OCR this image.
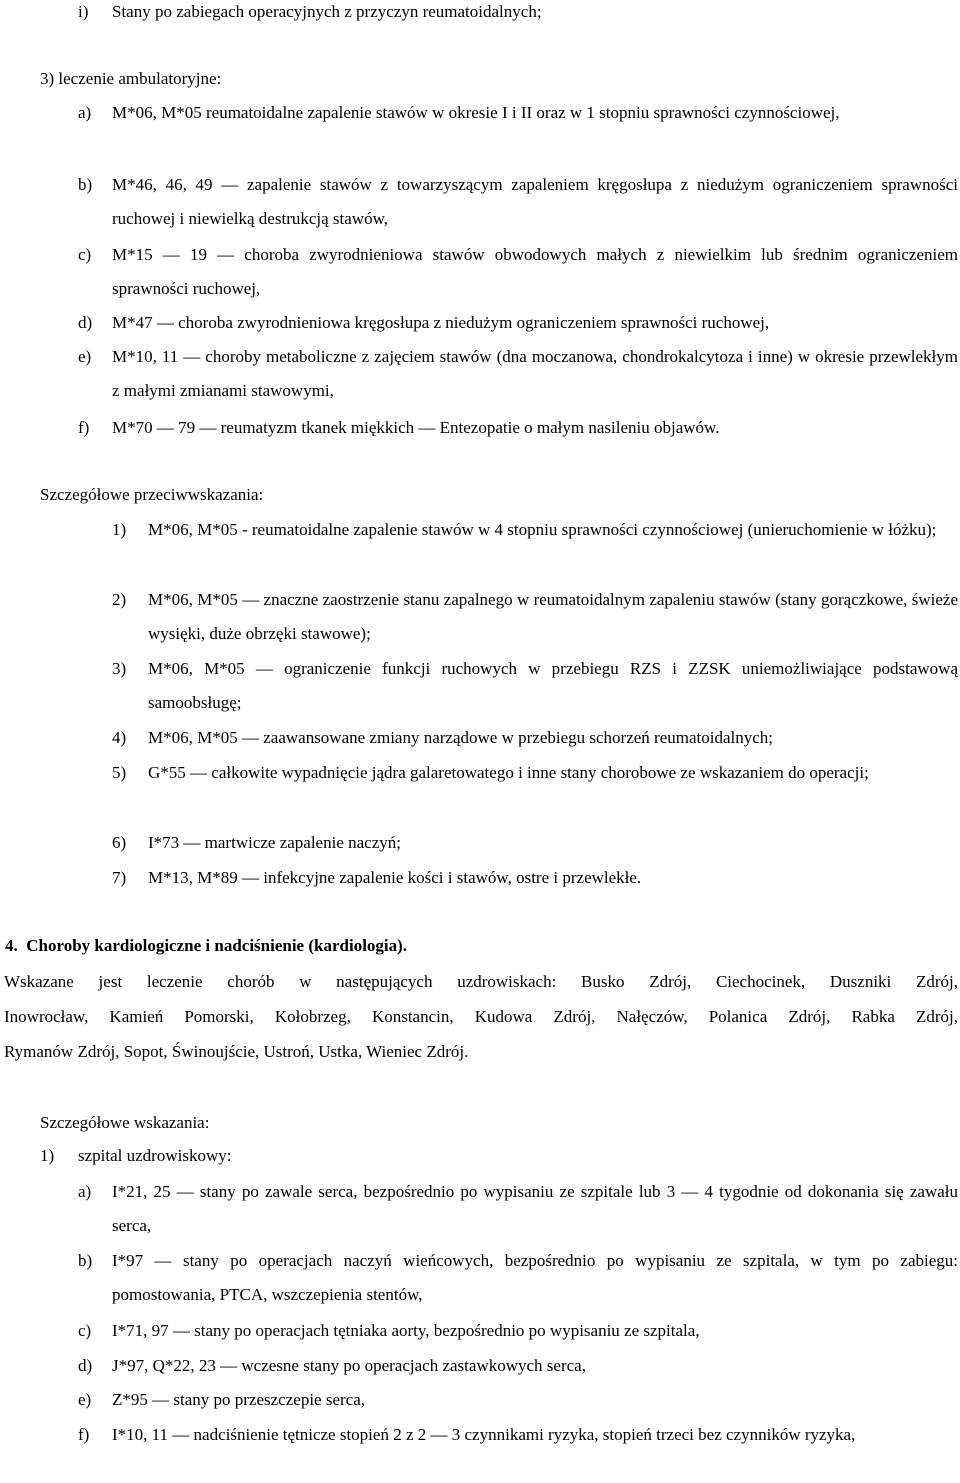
i) Stany po zabiegach operacyjnych z przyczyn reumatoidalnych;
3) leczenie ambulatoryjne:
a) M*06, M*05 reumatoidalne zapalenie stawów w okresie I i II oraz w 1 stopniu sprawności czynnościowej,
b) M*46, 46, 49 — zapalenie stawów z towarzyszącym zapaleniem kręgosłupa z niedużym ograniczeniem sprawności ruchowej i niewielką destrukcją stawów,
c) M*15 — 19 — choroba zwyrodnieniowa stawów obwodowych małych z niewielkim lub średnim ograniczeniem sprawności ruchowej,
d) M*47 — choroba zwyrodnieniowa kręgosłupa z niedużym ograniczeniem sprawności ruchowej,
e) M*10, 11 — choroby metaboliczne z zajęciem stawów (dna moczanowa, chondrokalcytoza i inne) w okresie przewlekłym z małymi zmianami stawowymi,
f) M*70 — 79 — reumatyzm tkanek miękkich — Entezopatie o małym nasileniu objawów.
Szczegółowe przeciwwskazania:
1) M*06, M*05 - reumatoidalne zapalenie stawów w 4 stopniu sprawności czynnościowej (unieruchomienie w łóżku);
2) M*06, M*05 — znaczne zaostrzenie stanu zapalnego w reumatoidalnym zapaleniu stawów (stany gorączkowe, świeże wysięki, duże obrzęki stawowe);
3) M*06, M*05 — ograniczenie funkcji ruchowych w przebiegu RZS i ZZSK uniemożliwiające podstawową samoobsługę;
4) M*06, M*05 — zaawansowane zmiany narządowe w przebiegu schorzeń reumatoidalnych;
5) G*55 — całkowite wypadnięcie jądra galaretowatego i inne stany chorobowe ze wskazaniem do operacji;
6) I*73 — martwicze zapalenie naczyń;
7) M*13, M*89 — infekcyjne zapalenie kości i stawów, ostre i przewlekłe.
4.  Choroby kardiologiczne i nadciśnienie (kardiologia).
Wskazane jest leczenie chorób w następujących uzdrowiskach: Busko Zdrój, Ciechocinek, Duszniki Zdrój,
Inowrocław, Kamień Pomorski, Kołobrzeg, Konstancin, Kudowa Zdrój, Nałęczów, Polanica Zdrój, Rabka Zdrój,
Rymanów Zdrój, Sopot, Świnoujście, Ustroń, Ustka, Wieniec Zdrój.
Szczegółowe wskazania:
1) szpital uzdrowiskowy:
a) I*21, 25 — stany po zawale serca, bezpośrednio po wypisaniu ze szpitale lub 3 — 4 tygodnie od dokonania się zawału serca,
b) I*97 — stany po operacjach naczyń wieńcowych, bezpośrednio po wypisaniu ze szpitala, w tym po zabiegu: pomostowania, PTCA, wszczepienia stentów,
c) I*71, 97 — stany po operacjach tętniaka aorty, bezpośrednio po wypisaniu ze szpitala,
d) J*97, Q*22, 23 — wczesne stany po operacjach zastawkowych serca,
e) Z*95 — stany po przeszczepie serca,
f) I*10, 11 — nadciśnienie tętnicze stopień 2 z 2 — 3 czynnikami ryzyka, stopień trzeci bez czynników ryzyka,
